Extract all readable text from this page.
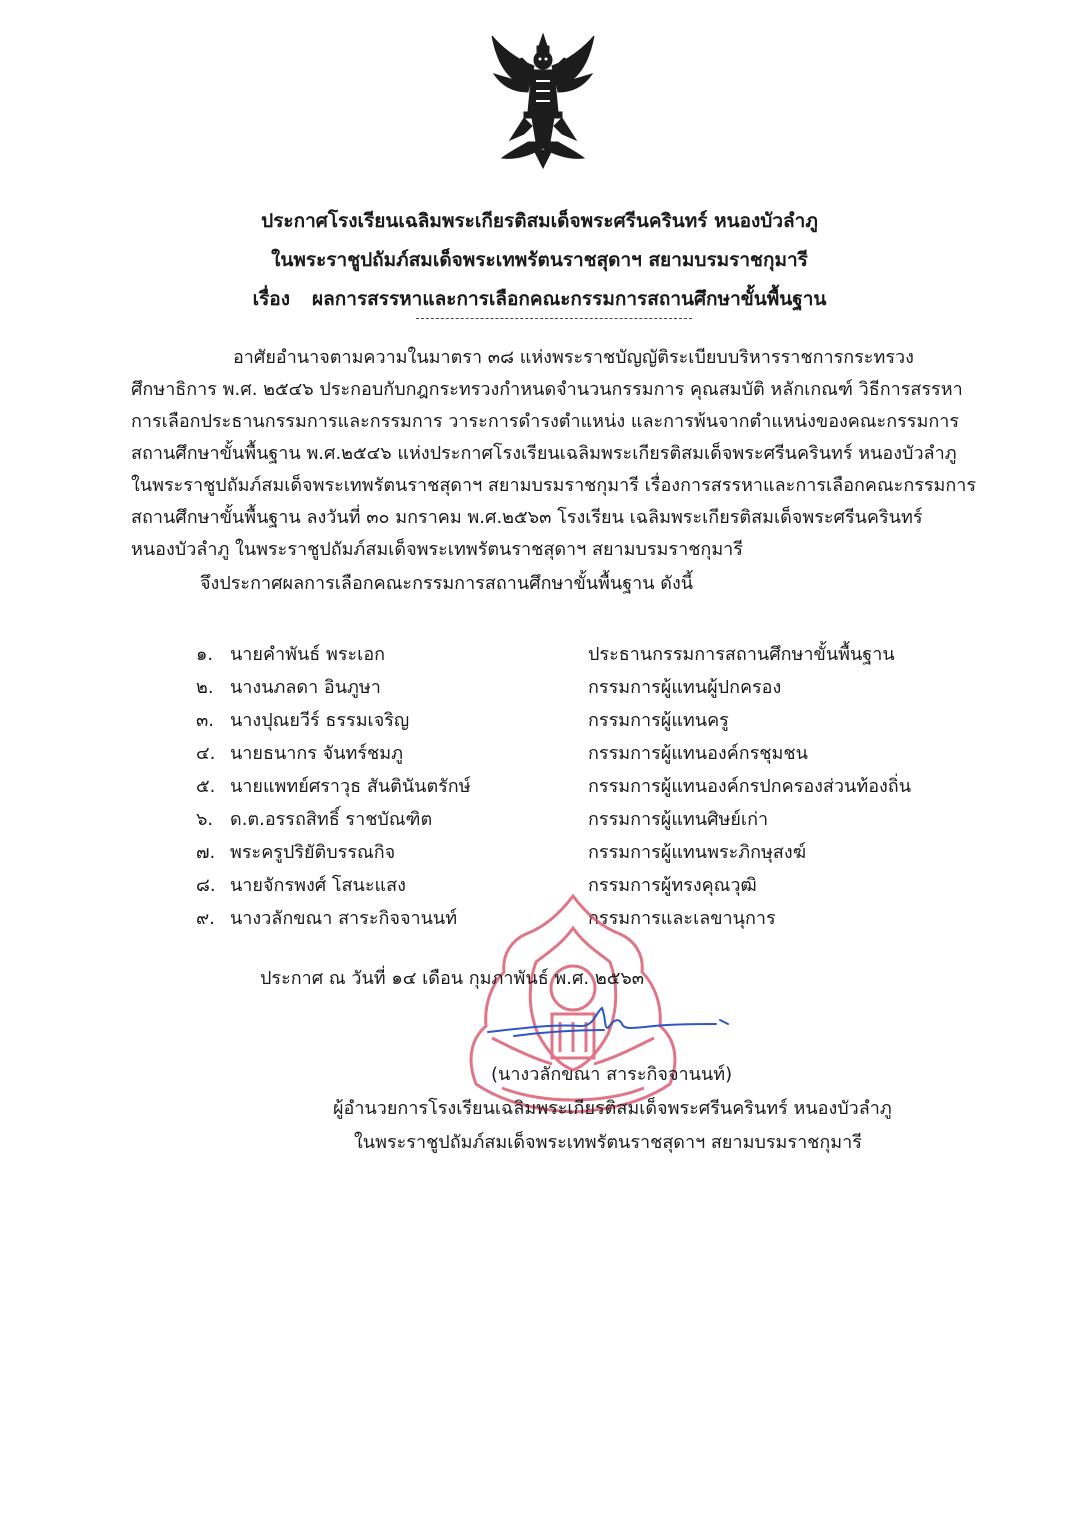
ประกาศโรงเรียนเฉลิมพระเกียรติสมเด็จพระศรีนครินทร์ หนองบัวลำภู
ในพระราชูปถัมภ์สมเด็จพระเทพรัตนราชสุดาฯ สยามบรมราชกุมารี
เรื่อง ผลการสรรหาและการเลือกคณะกรรมการสถานศึกษาขั้นพื้นฐาน
อาศัยอำนาจตามความในมาตรา ๓๘ แห่งพระราชบัญญัติระเบียบบริหารราชการกระทรวง
ศึกษาธิการ พ.ศ. ๒๕๔๖ ประกอบกับกฎกระทรวงกำหนดจำนวนกรรมการ คุณสมบัติ หลักเกณฑ์ วิธีการสรรหา
การเลือกประธานกรรมการและกรรมการ วาระการดำรงตำแหน่ง และการพ้นจากตำแหน่งของคณะกรรมการ
สถานศึกษาขั้นพื้นฐาน พ.ศ.๒๕๔๖ แห่งประกาศโรงเรียนเฉลิมพระเกียรติสมเด็จพระศรีนครินทร์ หนองบัวลำภู
ในพระราชูปถัมภ์สมเด็จพระเทพรัตนราชสุดาฯ สยามบรมราชกุมารี เรื่องการสรรหาและการเลือกคณะกรรมการ
สถานศึกษาขั้นพื้นฐาน ลงวันที่ ๓๐ มกราคม พ.ศ.๒๕๖๓ โรงเรียน เฉลิมพระเกียรติสมเด็จพระศรีนครินทร์
หนองบัวลำภู ในพระราชูปถัมภ์สมเด็จพระเทพรัตนราชสุดาฯ สยามบรมราชกุมารี
จึงประกาศผลการเลือกคณะกรรมการสถานศึกษาขั้นพื้นฐาน ดังนี้
๑. นายคำพันธ์ พระเอก	ประธานกรรมการสถานศึกษาขั้นพื้นฐาน
๒. นางนภลดา อินภูษา	กรรมการผู้แทนผู้ปกครอง
๓. นางปุณยวีร์ ธรรมเจริญ	กรรมการผู้แทนครู
๔. นายธนากร จันทร์ชมภู	กรรมการผู้แทนองค์กรชุมชน
๕. นายแพทย์ศราวุธ สันตินันตรักษ์	กรรมการผู้แทนองค์กรปกครองส่วนท้องถิ่น
๖. ด.ต.อรรถสิทธิ์ ราชบัณฑิต	กรรมการผู้แทนศิษย์เก่า
๗. พระครูปริยัติบรรณกิจ	กรรมการผู้แทนพระภิกษุสงฆ์
๘. นายจักรพงศ์ โสนะแสง	กรรมการผู้ทรงคุณวุฒิ
๙. นางวลักขณา สาระกิจจานนท์	กรรมการและเลขานุการ
ประกาศ ณ วันที่ ๑๔ เดือน กุมภาพันธ์ พ.ศ. ๒๕๖๓
(นางวลักขณา สาระกิจจานนท์)
ผู้อำนวยการโรงเรียนเฉลิมพระเกียรติสมเด็จพระศรีนครินทร์ หนองบัวลำภู
ในพระราชูปถัมภ์สมเด็จพระเทพรัตนราชสุดาฯ สยามบรมราชกุมารี
